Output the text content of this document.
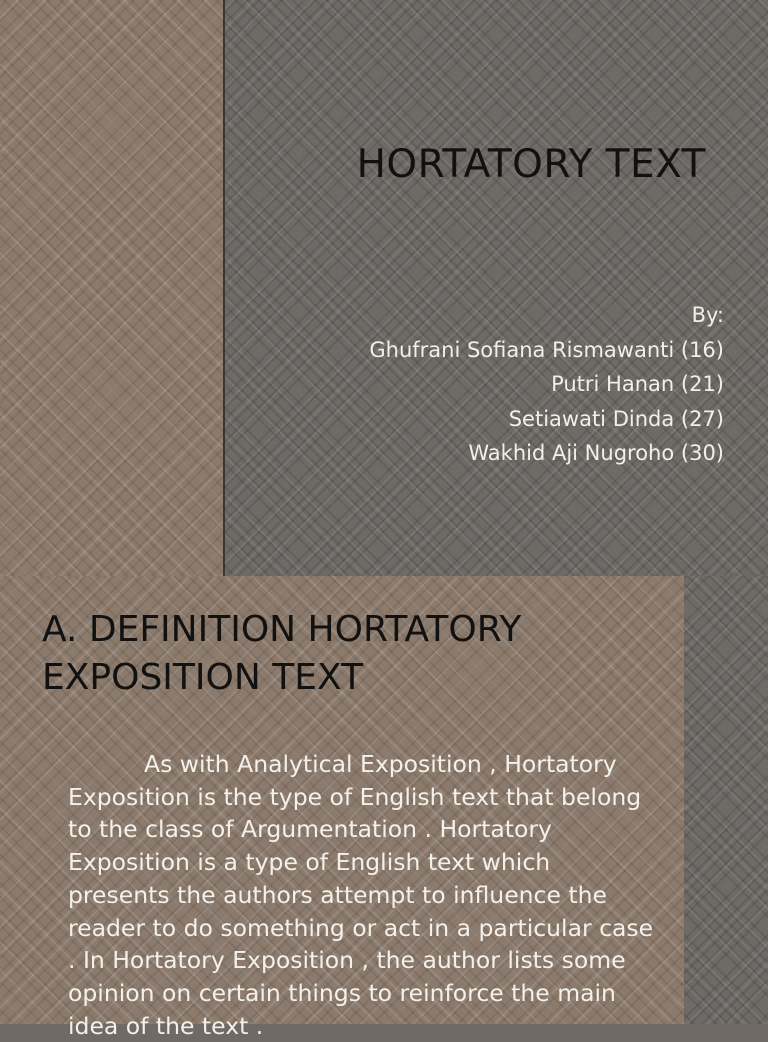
HORTATORY TEXT
By:
Ghufrani Sofiana Rismawanti (16)
Putri Hanan (21)
Setiawati Dinda (27)
Wakhid Aji Nugroho (30)
A. DEFINITION HORTATORY
EXPOSITION TEXT
As with Analytical Exposition , Hortatory Exposition is the type of English text that belong to the class of Argumentation . Hortatory Exposition is a type of English text which presents the authors attempt to influence the reader to do something or act in a particular case . In Hortatory Exposition , the author lists some opinion on certain things to reinforce the main idea of the text .
